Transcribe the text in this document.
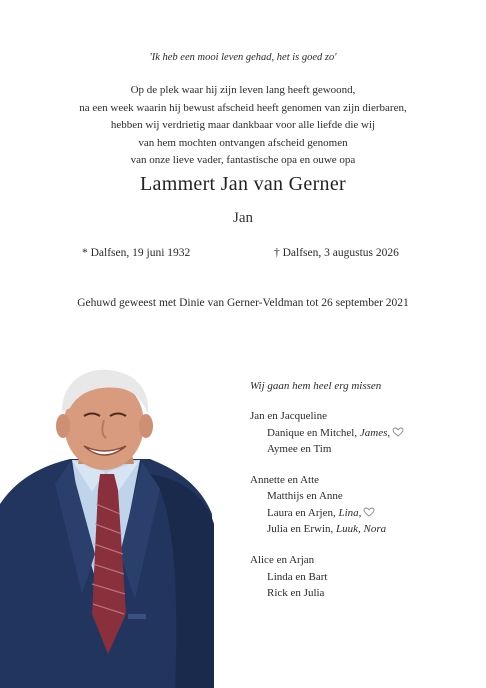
'Ik heb een mooi leven gehad, het is goed zo'
Op de plek waar hij zijn leven lang heeft gewoond,
na een week waarin hij bewust afscheid heeft genomen van zijn dierbaren,
hebben wij verdrietig maar dankbaar voor alle liefde die wij
van hem mochten ontvangen afscheid genomen
van onze lieve vader, fantastische opa en ouwe opa
Lammert Jan van Gerner
Jan
* Dalfsen, 19 juni 1932	† Dalfsen, 3 augustus 2026
Gehuwd geweest met Dinie van Gerner-Veldman tot 26 september 2021
Wij gaan hem heel erg missen
Jan en Jacqueline
Danique en Mitchel, James,
Aymee en Tim
Annette en Atte
Matthijs en Anne
Laura en Arjen, Lina,
Julia en Erwin, Luuk, Nora
Alice en Arjan
Linda en Bart
Rick en Julia
